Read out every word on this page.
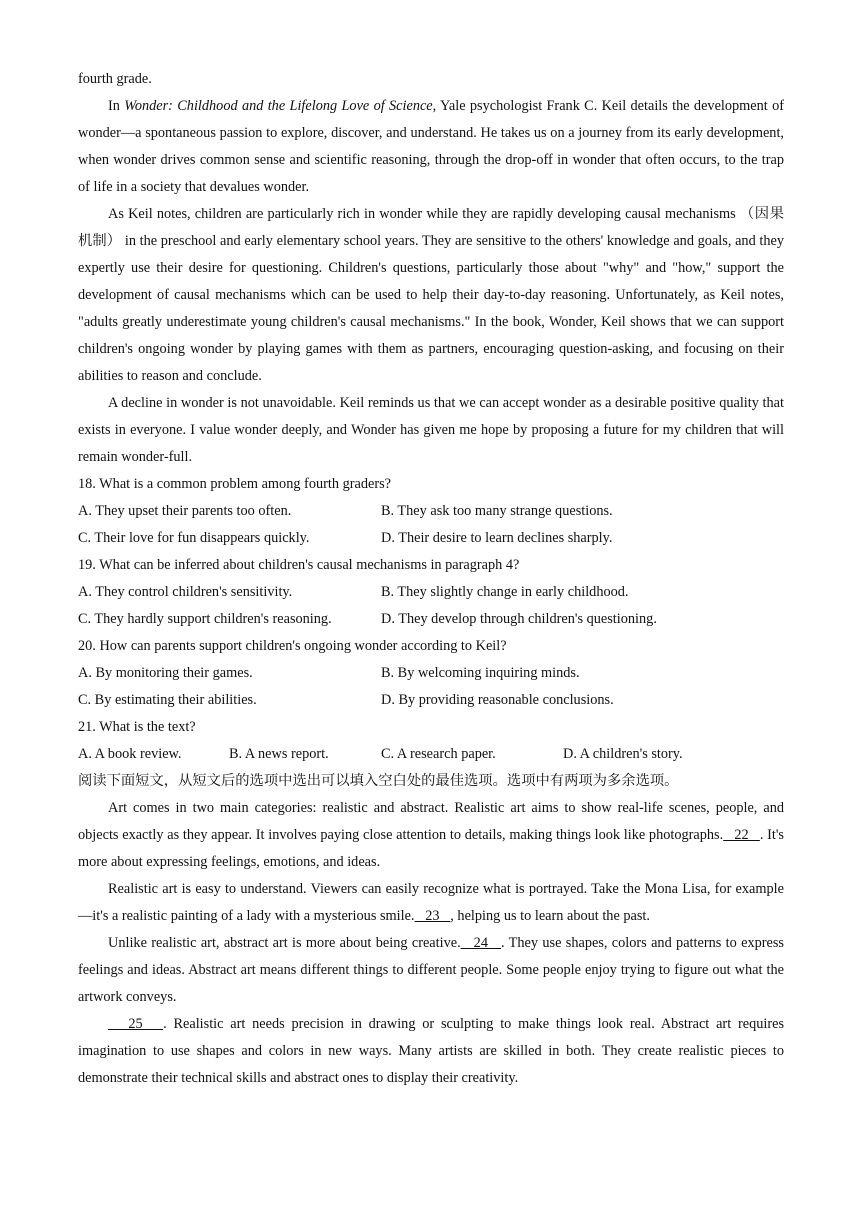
fourth grade.

In Wonder: Childhood and the Lifelong Love of Science, Yale psychologist Frank C. Keil details the development of wonder—a spontaneous passion to explore, discover, and understand. He takes us on a journey from its early development, when wonder drives common sense and scientific reasoning, through the drop-off in wonder that often occurs, to the trap of life in a society that devalues wonder.

As Keil notes, children are particularly rich in wonder while they are rapidly developing causal mechanisms （因果机制） in the preschool and early elementary school years. They are sensitive to the others' knowledge and goals, and they expertly use their desire for questioning. Children's questions, particularly those about "why" and "how," support the development of causal mechanisms which can be used to help their day-to-day reasoning. Unfortunately, as Keil notes, "adults greatly underestimate young children's causal mechanisms." In the book, Wonder, Keil shows that we can support children's ongoing wonder by playing games with them as partners, encouraging question-asking, and focusing on their abilities to reason and conclude.

A decline in wonder is not unavoidable. Keil reminds us that we can accept wonder as a desirable positive quality that exists in everyone. I value wonder deeply, and Wonder has given me hope by proposing a future for my children that will remain wonder-full.

18. What is a common problem among fourth graders?
A. They upset their parents too often.	B. They ask too many strange questions.
C. Their love for fun disappears quickly.	D. Their desire to learn declines sharply.
19. What can be inferred about children's causal mechanisms in paragraph 4?
A. They control children's sensitivity.	B. They slightly change in early childhood.
C. They hardly support children's reasoning.	D. They develop through children's questioning.
20. How can parents support children's ongoing wonder according to Keil?
A. By monitoring their games.	B. By welcoming inquiring minds.
C. By estimating their abilities.	D. By providing reasonable conclusions.
21. What is the text?
A. A book review.	B. A news report.	C. A research paper.	D. A children's story.
阅读下面短文，从短文后的选项中选出可以填入空白处的最佳选项。选项中有两项为多余选项。

Art comes in two main categories: realistic and abstract. Realistic art aims to show real-life scenes, people, and objects exactly as they appear. It involves paying close attention to details, making things look like photographs.   22   . It's more about expressing feelings, emotions, and ideas.

Realistic art is easy to understand. Viewers can easily recognize what is portrayed. Take the Mona Lisa, for example—it's a realistic painting of a lady with a mysterious smile.   23   , helping us to learn about the past.

Unlike realistic art, abstract art is more about being creative.   24   . They use shapes, colors and patterns to express feelings and ideas. Abstract art means different things to different people. Some people enjoy trying to figure out what the artwork conveys.

25   . Realistic art needs precision in drawing or sculpting to make things look real. Abstract art requires imagination to use shapes and colors in new ways. Many artists are skilled in both. They create realistic pieces to demonstrate their technical skills and abstract ones to display their creativity.
